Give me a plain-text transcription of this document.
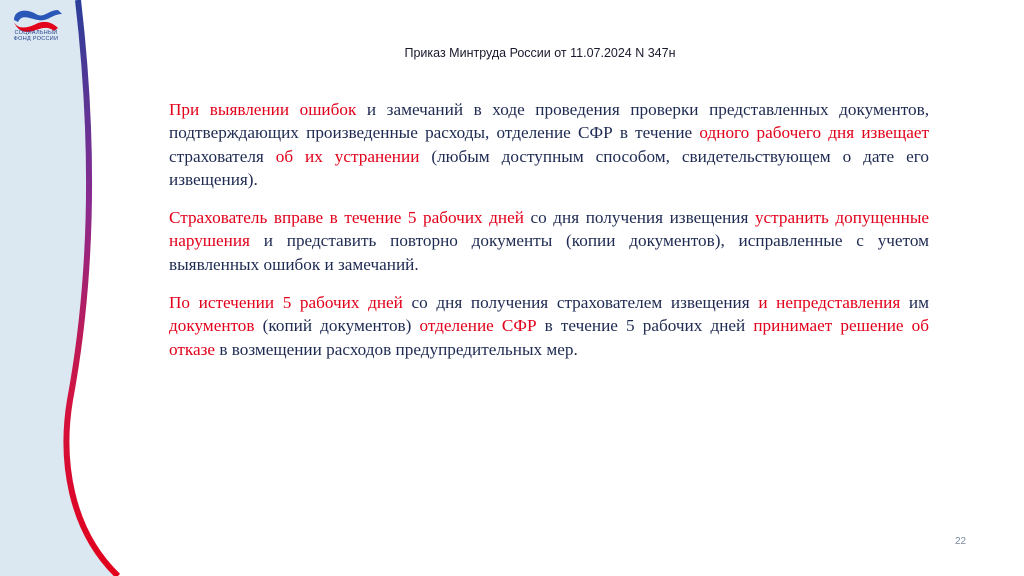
СОЦИАЛЬНЫЙ
ФОНД РОССИИ
Приказ Минтруда России от 11.07.2024 N 347н

При выявлении ошибок и замечаний в ходе проведения проверки представленных документов, подтверждающих произведенные расходы, отделение СФР в течение одного рабочего дня извещает страхователя об их устранении (любым доступным способом, свидетельствующем о дате его извещения).

Страхователь вправе в течение 5 рабочих дней со дня получения извещения устранить допущенные нарушения и представить повторно документы (копии документов), исправленные с учетом выявленных ошибок и замечаний.

По истечении 5 рабочих дней со дня получения страхователем извещения и непредставления им документов (копий документов) отделение СФР в течение 5 рабочих дней принимает решение об отказе в возмещении расходов предупредительных мер.

22
